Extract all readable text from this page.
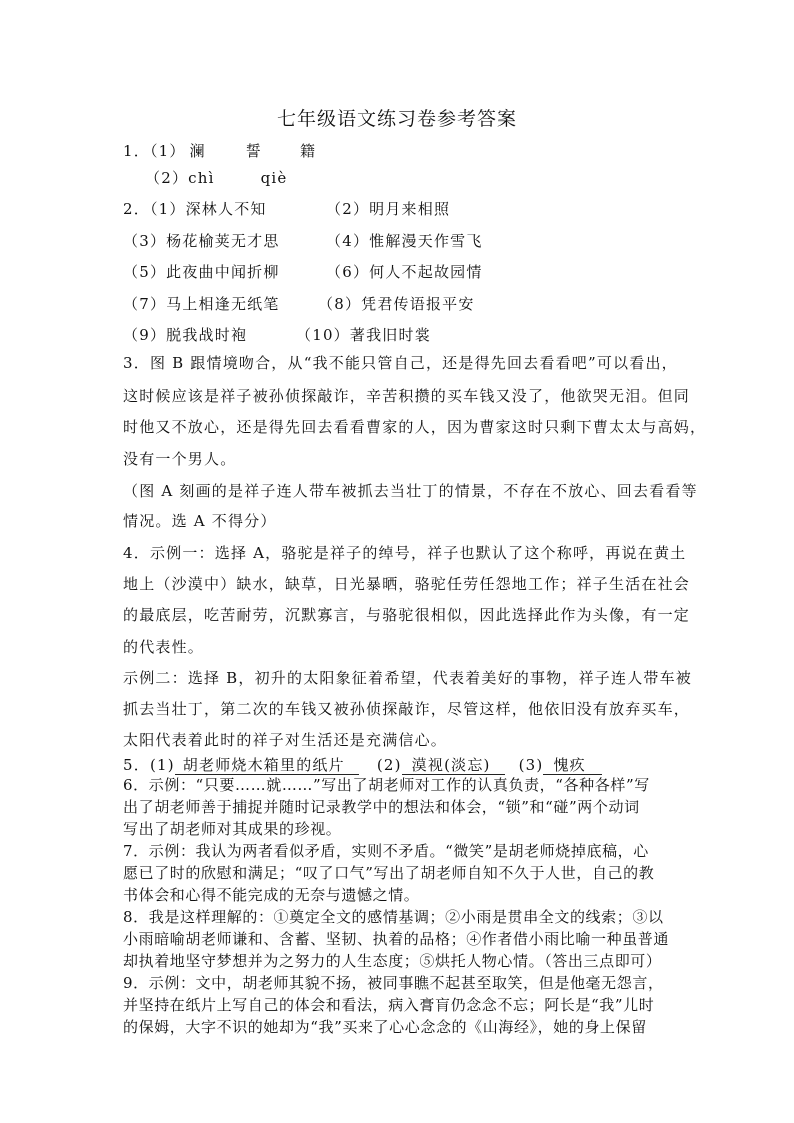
七年级语文练习卷参考答案
1．（1） 澜	誓	籍
（2）chì	qiè
2．（1）深林人不知	（2）明月来相照
（3）杨花榆荚无才思	（4）惟解漫天作雪飞
（5）此夜曲中闻折柳	（6）何人不起故园情
（7）马上相逢无纸笔	（8）凭君传语报平安
（9）脱我战时袍	（10）著我旧时裳
3．图 B 跟情境吻合，从“我不能只管自己，还是得先回去看看吧”可以看出，
这时候应该是祥子被孙侦探敲诈，辛苦积攒的买车钱又没了，他欲哭无泪。但同
时他又不放心，还是得先回去看看曹家的人，因为曹家这时只剩下曹太太与高妈，
没有一个男人。
（图 A 刻画的是祥子连人带车被抓去当壮丁的情景，不存在不放心、回去看看等
情况。选 A 不得分）
4．示例一：选择 A，骆驼是祥子的绰号，祥子也默认了这个称呼，再说在黄土
地上（沙漠中）缺水，缺草，日光暴晒，骆驼任劳任怨地工作；祥子生活在社会
的最底层，吃苦耐劳，沉默寡言，与骆驼很相似，因此选择此作为头像，有一定
的代表性。
示例二：选择 B，初升的太阳象征着希望，代表着美好的事物，祥子连人带车被
抓去当壮丁，第二次的车钱又被孙侦探敲诈，尽管这样，他依旧没有放弃买车，
太阳代表着此时的祥子对生活还是充满信心。
5．(1) 胡老师烧木箱里的纸片 (2) 漠视(淡忘) (3) 愧疚
6．示例：“只要……就……”写出了胡老师对工作的认真负责，“各种各样”写
出了胡老师善于捕捉并随时记录教学中的想法和体会，“锁”和“碰”两个动词
写出了胡老师对其成果的珍视。
7．示例：我认为两者看似矛盾，实则不矛盾。“微笑”是胡老师烧掉底稿，心
愿已了时的欣慰和满足；“叹了口气”写出了胡老师自知不久于人世，自己的教
书体会和心得不能完成的无奈与遗憾之情。
8．我是这样理解的：①奠定全文的感情基调；②小雨是贯串全文的线索；③以
小雨暗喻胡老师谦和、含蓄、坚韧、执着的品格；④作者借小雨比喻一种虽普通
却执着地坚守梦想并为之努力的人生态度；⑤烘托人物心情。（答出三点即可）
9．示例：文中，胡老师其貌不扬，被同事瞧不起甚至取笑，但是他毫无怨言，
并坚持在纸片上写自己的体会和看法，病入膏肓仍念念不忘；阿长是“我”儿时
的保姆，大字不识的她却为“我”买来了心心念念的《山海经》，她的身上保留
